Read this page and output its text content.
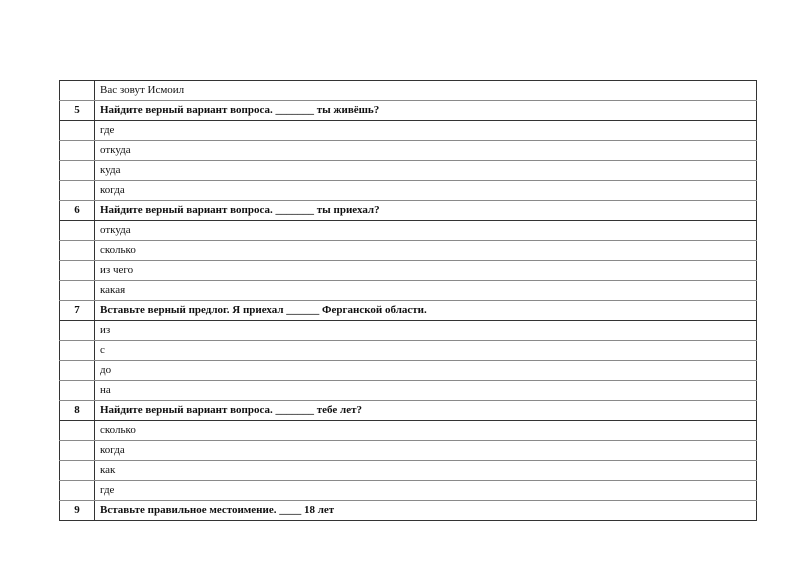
	Вас зовут Исмоил
5	Найдите верный вариант вопроса. _______ ты живёшь?
	где
	откуда
	куда
	когда
6	Найдите верный вариант вопроса. _______ ты приехал?
	откуда
	сколько
	из чего
	какая
7	Вставьте верный предлог. Я приехал ______ Ферганской области.
	из
	с
	до
	на
8	Найдите верный вариант вопроса. _______ тебе лет?
	сколько
	когда
	как
	где
9	Вставьте правильное местоимение. ____ 18 лет
